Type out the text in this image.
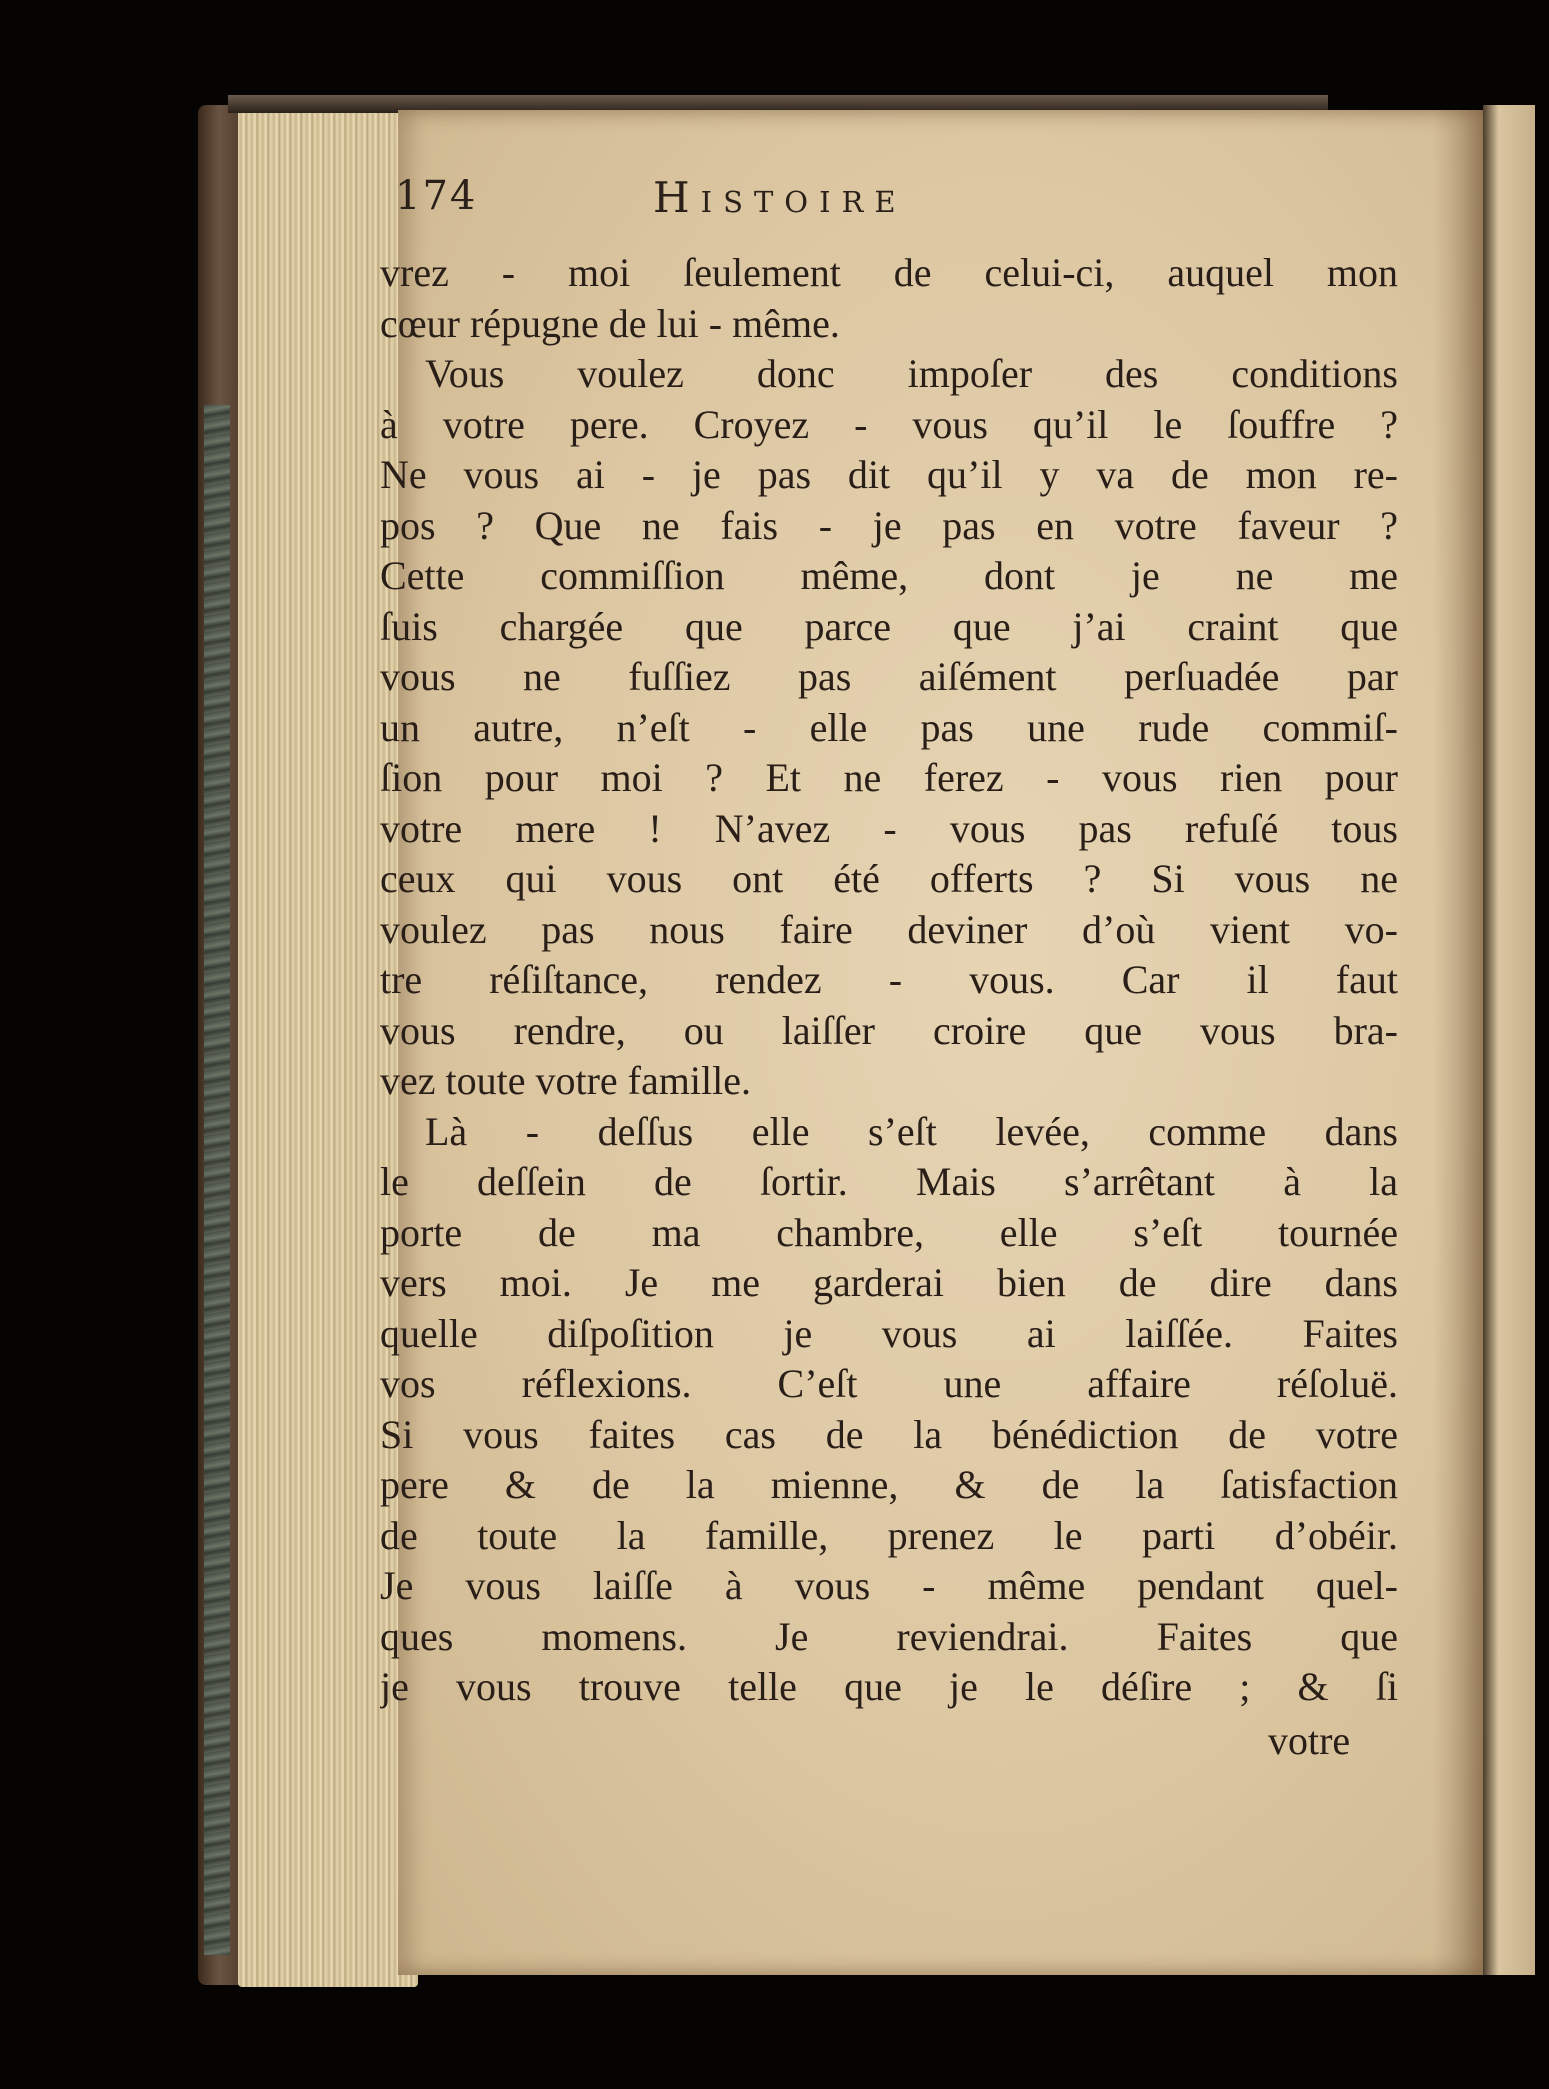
174	Histoire
vrez - moi ſeulement de celui-ci, auquel mon
cœur répugne de lui - même.
Vous voulez donc impoſer des conditions
à votre pere. Croyez - vous qu’il le ſouffre ?
Ne vous ai - je pas dit qu’il y va de mon re-
pos ? Que ne fais - je pas en votre faveur ?
Cette commiſſion même, dont je ne me
ſuis chargée que parce que j’ai craint que
vous ne fuſſiez pas aiſément perſuadée par
un autre, n’eſt - elle pas une rude commiſ-
ſion pour moi ? Et ne ferez - vous rien pour
votre mere ! N’avez - vous pas refuſé tous
ceux qui vous ont été offerts ? Si vous ne
voulez pas nous faire deviner d’où vient vo-
tre réſiſtance, rendez - vous. Car il faut
vous rendre, ou laiſſer croire que vous bra-
vez toute votre famille.
Là - deſſus elle s’eſt levée, comme dans
le deſſein de ſortir. Mais s’arrêtant à la
porte de ma chambre, elle s’eſt tournée
vers moi. Je me garderai bien de dire dans
quelle diſpoſition je vous ai laiſſée. Faites
vos réflexions. C’eſt une affaire réſoluë.
Si vous faites cas de la bénédiction de votre
pere & de la mienne, & de la ſatisfaction
de toute la famille, prenez le parti d’obéir.
Je vous laiſſe à vous - même pendant quel-
ques momens. Je reviendrai. Faites que
je vous trouve telle que je le déſire ; & ſi
votre
